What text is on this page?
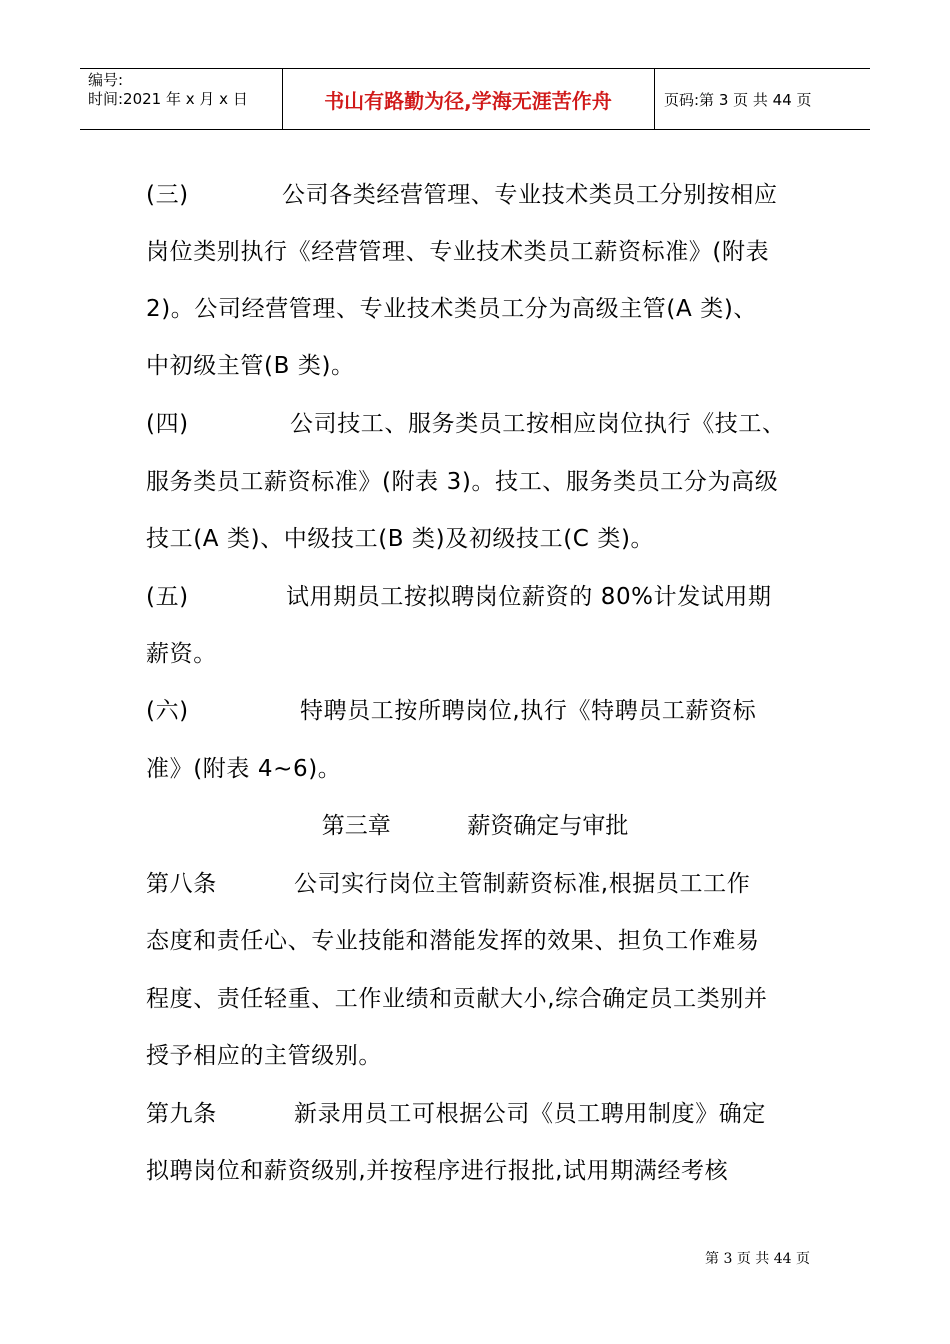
编号:
时间:2021 年 x 月 x 日	书山有路勤为径,学海无涯苦作舟	页码:第 3 页 共 44 页
(三)	公司各类经营管理、专业技术类员工分别按相应
岗位类别执行《经营管理、专业技术类员工薪资标准》(附表
2)。公司经营管理、专业技术类员工分为高级主管(A 类)、
中初级主管(B 类)。
(四)	公司技工、服务类员工按相应岗位执行《技工、
服务类员工薪资标准》(附表 3)。技工、服务类员工分为高级
技工(A 类)、中级技工(B 类)及初级技工(C 类)。
(五)	试用期员工按拟聘岗位薪资的 80%计发试用期
薪资。
(六)	特聘员工按所聘岗位,执行《特聘员工薪资标
准》(附表 4~6)。
第三章	薪资确定与审批
第八条	公司实行岗位主管制薪资标准,根据员工工作
态度和责任心、专业技能和潜能发挥的效果、担负工作难易
程度、责任轻重、工作业绩和贡献大小,综合确定员工类别并
授予相应的主管级别。
第九条	新录用员工可根据公司《员工聘用制度》确定
拟聘岗位和薪资级别,并按程序进行报批,试用期满经考核
第 3 页 共 44 页
